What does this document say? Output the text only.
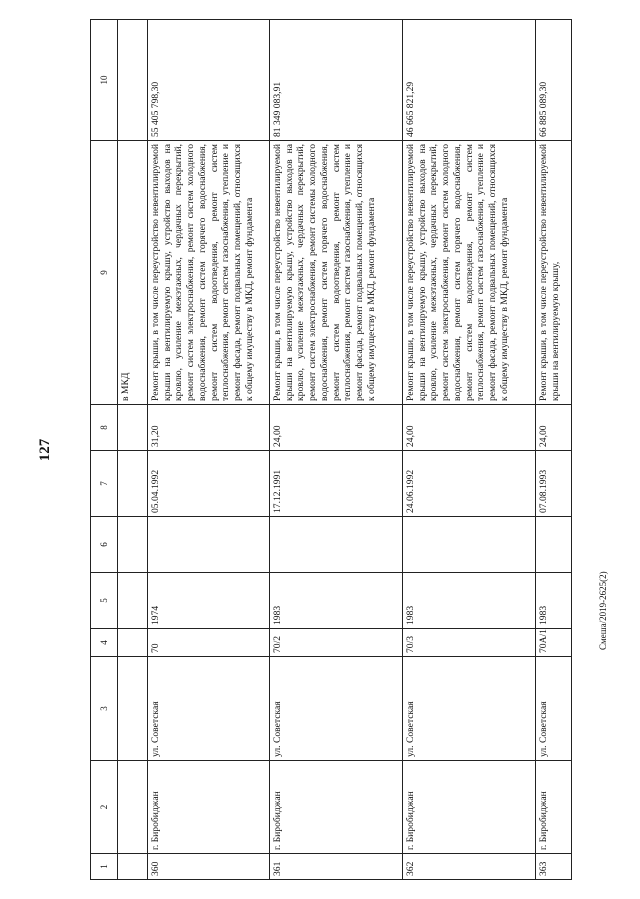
127
Смеша/2019-2625(2)
1	2	3	4	5	6	7	8	9	10
								в МКД	
360	г. Биробиджан	ул. Советская	70	1974		05.04.1992	31,20	Ремонт крыши, в том числе переустройство невентилируемой крыши на вентилируемую крышу, устройство выходов на кровлю, усиление межэтажных, чердачных перекрытий, ремонт систем электроснабжения, ремонт систем холодного водоснабжения, ремонт систем горячего водоснабжения, ремонт систем водоотведения, ремонт систем теплоснабжения, ремонт систем газоснабжения, утепление и ремонт фасада, ремонт подвальных помещений, относящихся к общему имуществу в МКД, ремонт фундамента	55 405 798,30
361	г. Биробиджан	ул. Советская	70/2	1983		17.12.1991	24,00	Ремонт крыши, в том числе переустройство невентилируемой крыши на вентилируемую крышу, устройство выходов на кровлю, усиление межэтажных, чердачных перекрытий, ремонт систем электроснабжения, ремонт системы холодного водоснабжения, ремонт систем горячего водоснабжения, ремонт систем водоотведения, ремонт систем теплоснабжения, ремонт систем газоснабжения, утепление и ремонт фасада, ремонт подвальных помещений, относящихся к общему имуществу в МКД, ремонт фундамента	81 349 083,91
362	г. Биробиджан	ул. Советская	70/3	1983		24.06.1992	24,00	Ремонт крыши, в том числе переустройство невентилируемой крыши на вентилируемую крышу, устройство выходов на кровлю, усиление межэтажных, чердачных перекрытий, ремонт систем электроснабжения, ремонт систем холодного водоснабжения, ремонт систем горячего водоснабжения, ремонт систем водоотведения, ремонт систем теплоснабжения, ремонт систем газоснабжения, утепление и ремонт фасада, ремонт подвальных помещений, относящихся к общему имуществу в МКД, ремонт фундамента	46 665 821,29
363	г. Биробиджан	ул. Советская	70А/1	1983		07.08.1993	24,00	Ремонт крыши, в том числе переустройство невентилируемой крыши на вентилируемую крышу,	66 885 089,30
